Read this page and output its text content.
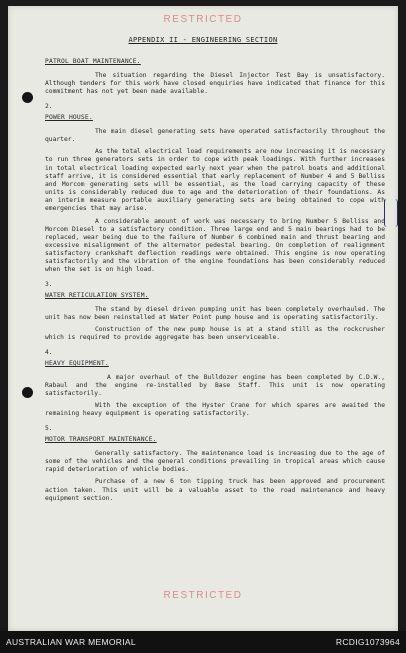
RESTRICTED
APPENDIX II - ENGINEERING SECTION
PATROL BOAT MAINTENANCE.
The situation regarding the Diesel Injector Test Bay is unsatisfactory. Although tenders for this work have closed enquiries have indicated that finance for this commitment has not yet been made available.
2.
POWER HOUSE.
The main diesel generating sets have operated satisfactorily throughout the quarter.
As the total electrical load requirements are now increasing it is necessary to run three generators sets in order to cope with peak loadings. With further increases in total electrical loading expected early next year when the patrol boats and additional staff arrive, it is considered essential that early replacement of Number 4 and 5 Belliss and Morcom generating sets will be essential, as the load carrying capacity of these units is considerably reduced due to age and the deterioration of their foundations. As an interim measure portable auxiliary generating sets are being obtained to cope with emergencies that may arise.
A considerable amount of work was necessary to bring Number 5 Belliss and Morcom Diesel to a satisfactory condition. Three large end and 5 main bearings had to be replaced, wear being due to the failure of Number 6 combined main and thrust bearing and excessive misalignment of the alternator pedestal bearing. On completion of realignment satisfactory crankshaft deflection readings were obtained. This engine is now operating satisfactorily and the vibration of the engine foundations has been considerably reduced when the set is on high load.
3.
WATER RETICULATION SYSTEM.
The stand by diesel driven pumping unit has been completely overhauled. The unit has now been reinstalled at Water Point pump house and is operating satisfactorily.
Construction of the new pump house is at a stand still as the rockcrusher which is required to provide aggregate has been unserviceable.
4.
HEAVY EQUIPMENT.
A major overhaul of the Bulldozer engine has been completed by C.D.W., Rabaul and the engine re-installed by Base Staff. This unit is now operating satisfactorily.
With the exception of the Hyster Crane for which spares are awaited the remaining heavy equipment is operating satisfactorily.
5.
MOTOR TRANSPORT MAINTENANCE.
Generally satisfactory. The maintenance load is increasing due to the age of some of the vehicles and the general conditions prevailing in tropical areas which cause rapid deterioration of vehicle bodies.
Purchase of a new 6 ton tipping truck has been approved and procurement action taken. This unit will be a valuable asset to the road maintenance and heavy equipment section.
RESTRICTED
AUSTRALIAN WAR MEMORIAL	RCDIG1073964
